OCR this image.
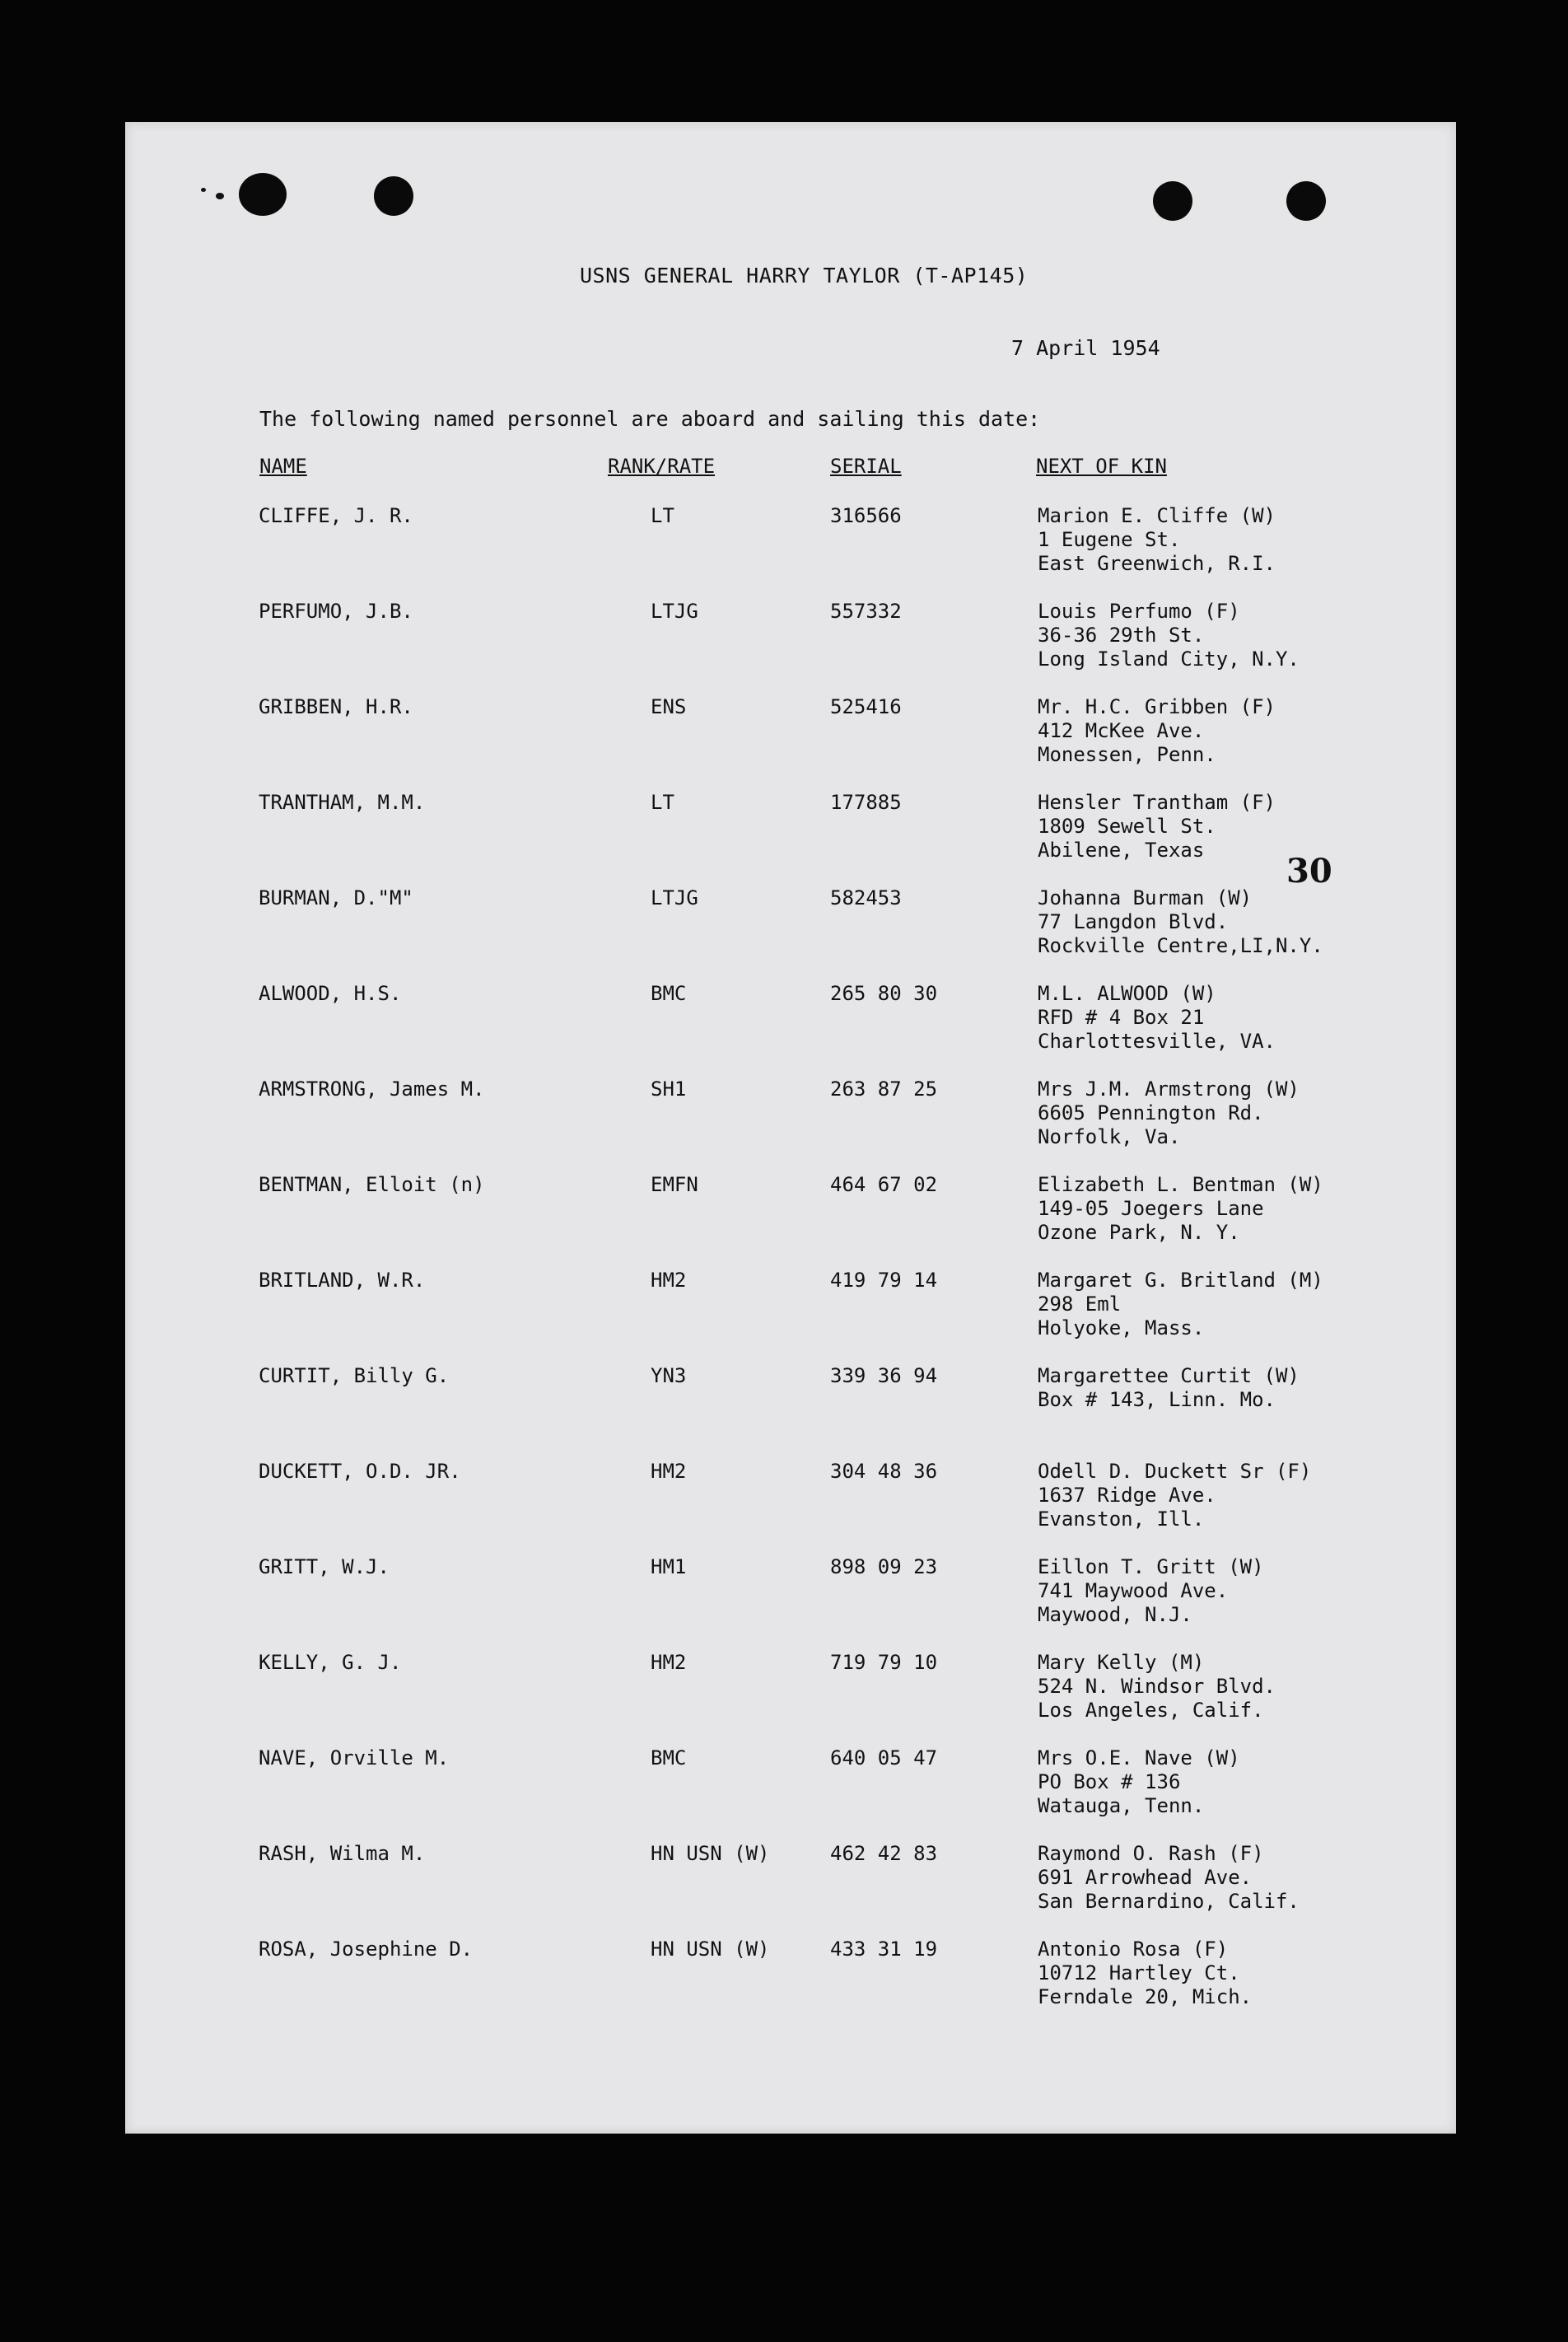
USNS GENERAL HARRY TAYLOR (T-AP145)
7 April 1954
The following named personnel are aboard and sailing this date:
NAME	RANK/RATE	SERIAL	NEXT OF KIN
CLIFFE, J. R.	LT	316566	Marion E. Cliffe (W)
1 Eugene St.
East Greenwich, R.I.
PERFUMO, J.B.	LTJG	557332	Louis Perfumo (F)
36-36 29th St.
Long Island City, N.Y.
GRIBBEN, H.R.	ENS	525416	Mr. H.C. Gribben (F)
412 McKee Ave.
Monessen, Penn.
TRANTHAM, M.M.	LT	177885	Hensler Trantham (F)
1809 Sewell St.
Abilene, Texas
BURMAN, D."M"	LTJG	582453	Johanna Burman (W)
77 Langdon Blvd.
Rockville Centre,LI,N.Y.
ALWOOD, H.S.	BMC	265 80 30	M.L. ALWOOD (W)
RFD # 4 Box 21
Charlottesville, VA.
ARMSTRONG, James M.	SH1	263 87 25	Mrs J.M. Armstrong (W)
6605 Pennington Rd.
Norfolk, Va.
BENTMAN, Elloit (n)	EMFN	464 67 02	Elizabeth L. Bentman (W)
149-05 Joegers Lane
Ozone Park, N. Y.
BRITLAND, W.R.	HM2	419 79 14	Margaret G. Britland (M)
298 Eml
Holyoke, Mass.
CURTIT, Billy G.	YN3	339 36 94	Margarettee Curtit (W)
Box # 143, Linn. Mo.
DUCKETT, O.D. JR.	HM2	304 48 36	Odell D. Duckett Sr (F)
1637 Ridge Ave.
Evanston, Ill.
GRITT, W.J.	HM1	898 09 23	Eillon T. Gritt (W)
741 Maywood Ave.
Maywood, N.J.
KELLY, G. J.	HM2	719 79 10	Mary Kelly (M)
524 N. Windsor Blvd.
Los Angeles, Calif.
NAVE, Orville M.	BMC	640 05 47	Mrs O.E. Nave (W)
PO Box # 136
Watauga, Tenn.
RASH, Wilma M.	HN USN (W)	462 42 83	Raymond O. Rash (F)
691 Arrowhead Ave.
San Bernardino, Calif.
ROSA, Josephine D.	HN USN (W)	433 31 19	Antonio Rosa (F)
10712 Hartley Ct.
Ferndale 20, Mich.
30
